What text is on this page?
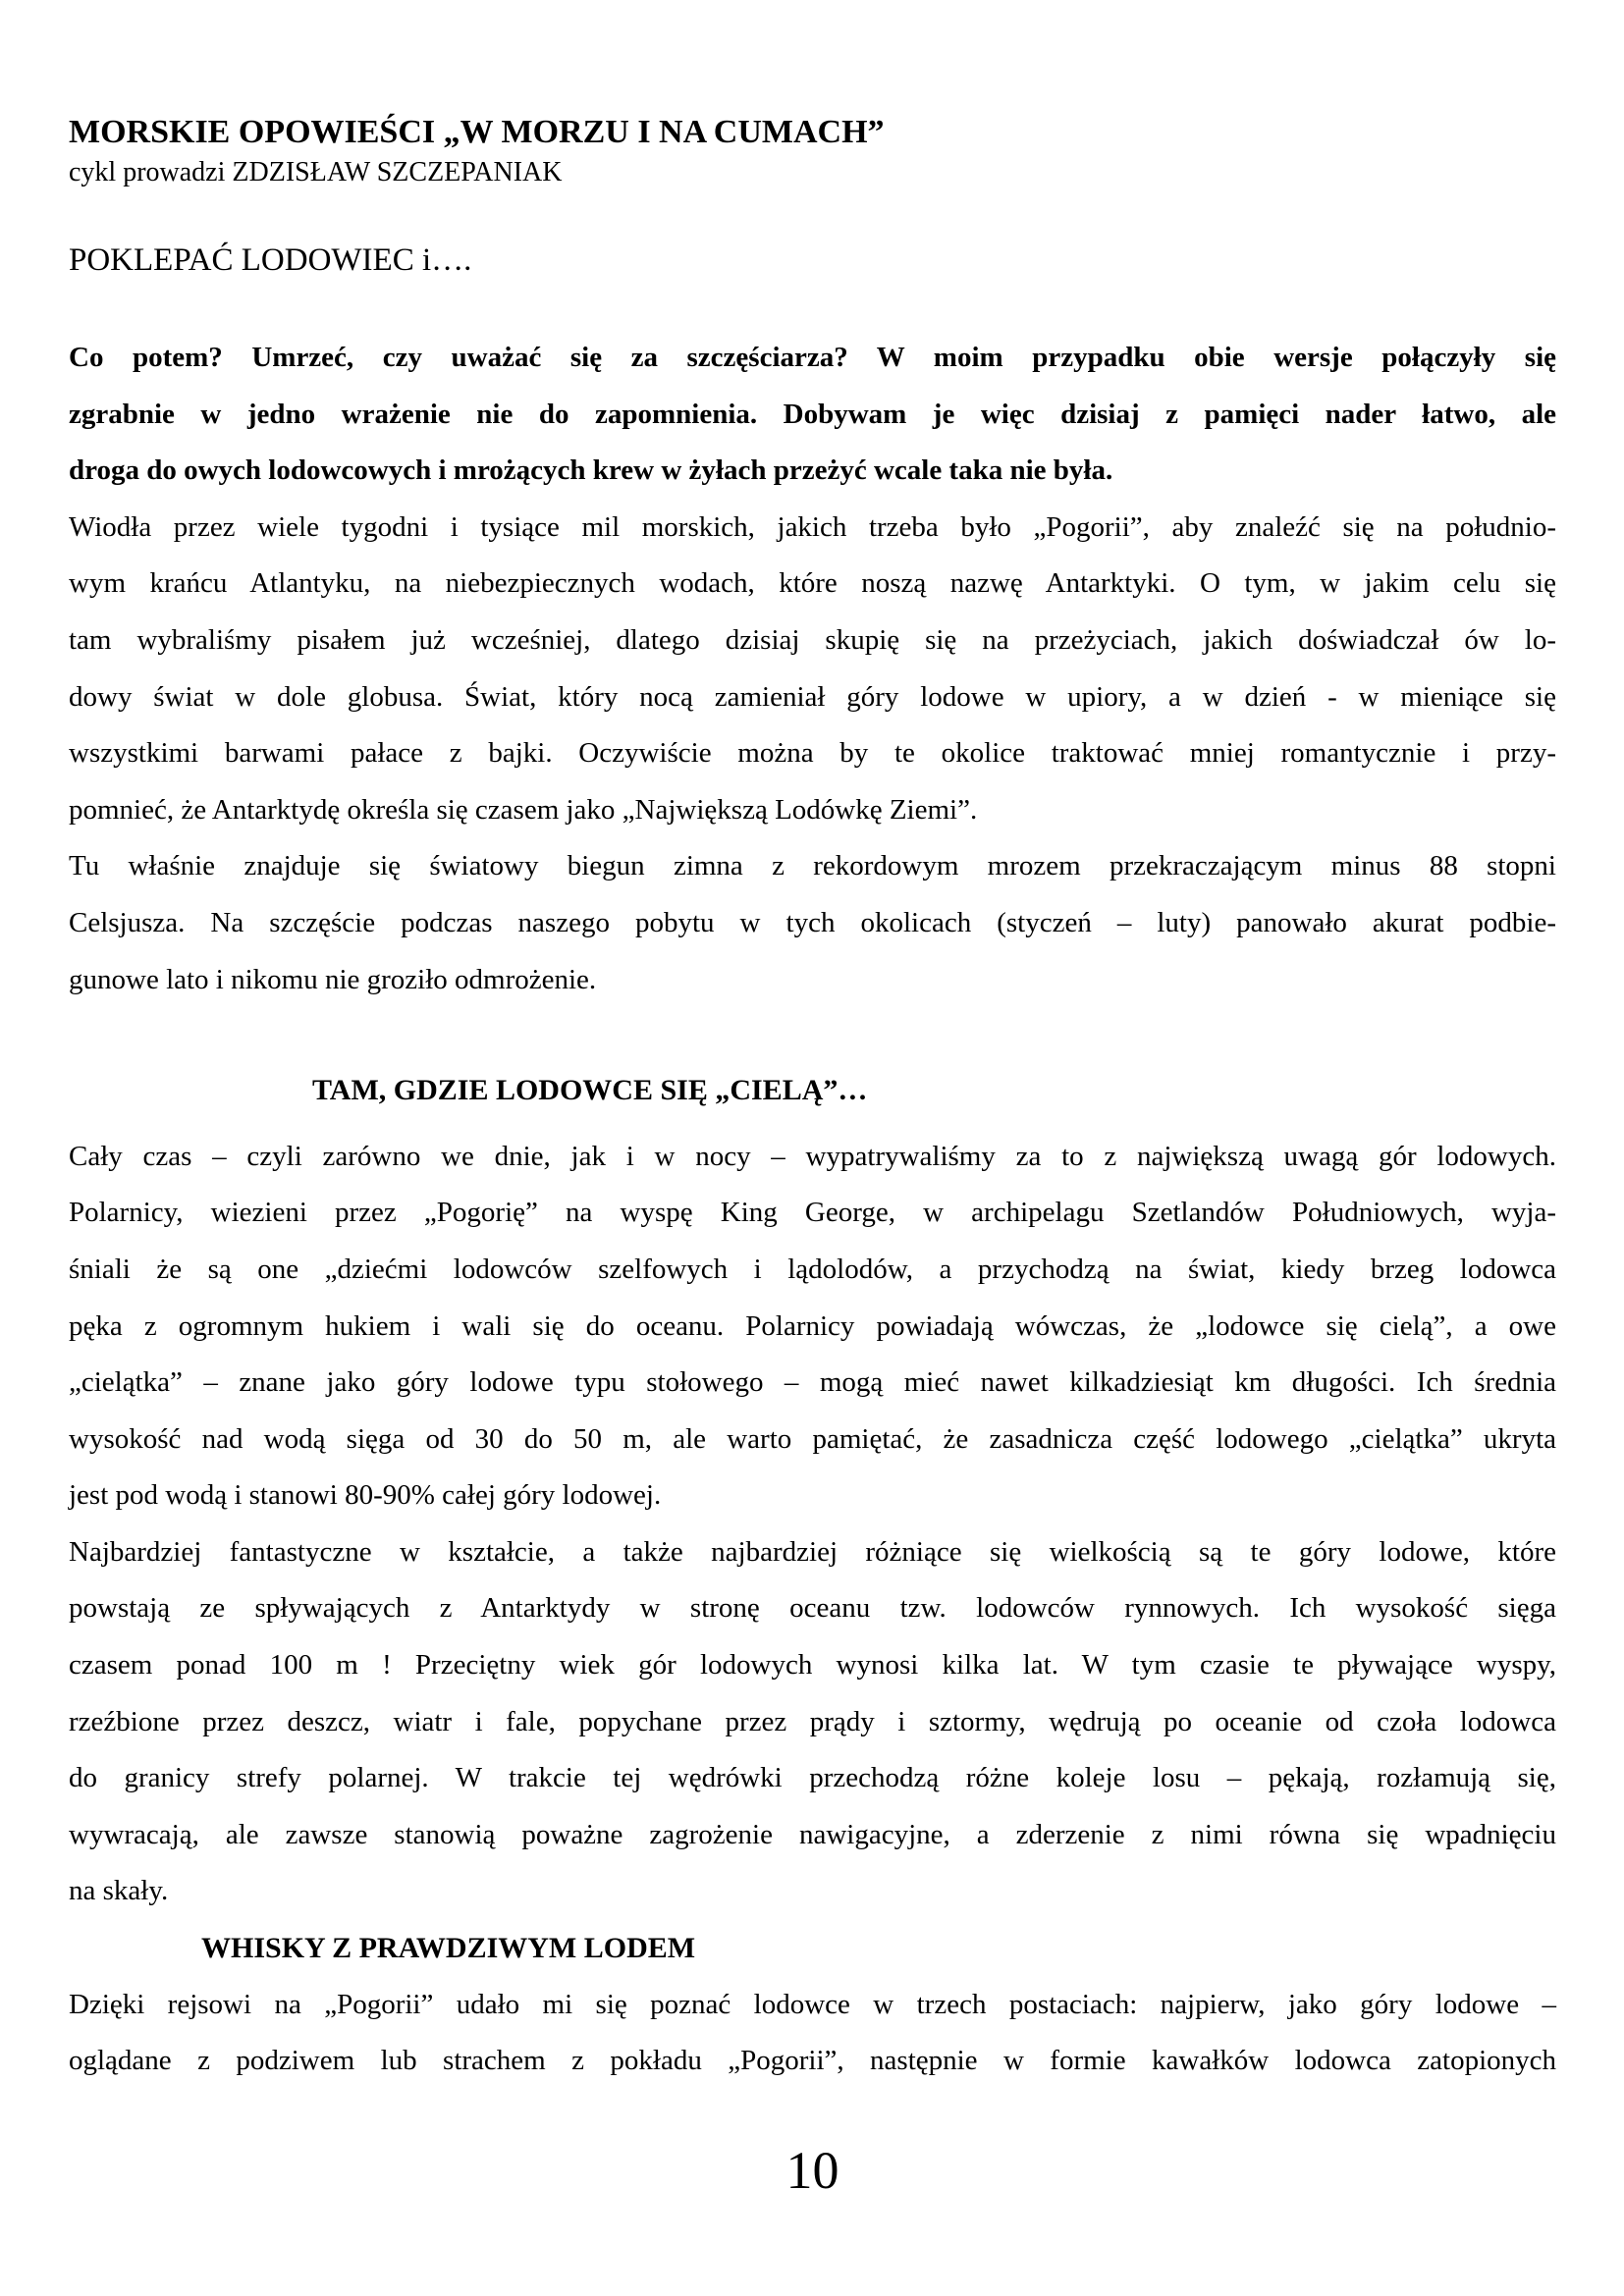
MORSKIE OPOWIEŚCI „W MORZU I NA CUMACH”
cykl prowadzi ZDZISŁAW SZCZEPANIAK
POKLEPAĆ LODOWIEC i….
Co potem? Umrzeć, czy uważać się za szczęściarza? W moim przypadku obie wersje połączyły się
zgrabnie w jedno wrażenie nie do zapomnienia. Dobywam je więc dzisiaj z pamięci nader łatwo, ale
droga do owych lodowcowych i mrożących krew w żyłach przeżyć wcale taka nie była.
Wiodła przez wiele tygodni i tysiące mil morskich, jakich trzeba było „Pogorii”, aby znaleźć się na południo-
wym krańcu Atlantyku, na niebezpiecznych wodach, które noszą nazwę Antarktyki. O tym, w jakim celu się
tam wybraliśmy pisałem już wcześniej, dlatego dzisiaj skupię się na przeżyciach, jakich doświadczał ów lo-
dowy świat w dole globusa. Świat, który nocą zamieniał góry lodowe w upiory, a w dzień - w mieniące się
wszystkimi barwami pałace z bajki. Oczywiście można by te okolice traktować mniej romantycznie i przy-
pomnieć, że Antarktydę określa się czasem jako „Największą Lodówkę Ziemi”.
Tu właśnie znajduje się światowy biegun zimna z rekordowym mrozem przekraczającym minus 88 stopni
Celsjusza. Na szczęście podczas naszego pobytu w tych okolicach (styczeń – luty) panowało akurat podbie-
gunowe lato i nikomu nie groziło odmrożenie.
TAM, GDZIE LODOWCE SIĘ „CIELĄ”…
Cały czas – czyli zarówno we dnie, jak i w nocy – wypatrywaliśmy za to z największą uwagą gór lodowych.
Polarnicy, wiezieni przez „Pogorię” na wyspę King George, w archipelagu Szetlandów Południowych, wyja-
śniali że są one „dziećmi lodowców szelfowych i lądolodów, a przychodzą na świat, kiedy brzeg lodowca
pęka z ogromnym hukiem i wali się do oceanu. Polarnicy powiadają wówczas, że „lodowce się cielą”, a owe
„cielątka” – znane jako góry lodowe typu stołowego – mogą mieć nawet kilkadziesiąt km długości. Ich średnia
wysokość nad wodą sięga od 30 do 50 m, ale warto pamiętać, że zasadnicza część lodowego „cielątka” ukryta
jest pod wodą i stanowi 80-90% całej góry lodowej.
Najbardziej fantastyczne w kształcie, a także najbardziej różniące się wielkością są te góry lodowe, które
powstają ze spływających z Antarktydy w stronę oceanu tzw. lodowców rynnowych. Ich wysokość sięga
czasem ponad 100 m ! Przeciętny wiek gór lodowych wynosi kilka lat. W tym czasie te pływające wyspy,
rzeźbione przez deszcz, wiatr i fale, popychane przez prądy i sztormy, wędrują po oceanie od czoła lodowca
do granicy strefy polarnej. W trakcie tej wędrówki przechodzą różne koleje losu – pękają, rozłamują się,
wywracają, ale zawsze stanowią poważne zagrożenie nawigacyjne, a zderzenie z nimi równa się wpadnięciu
na skały.
WHISKY Z PRAWDZIWYM LODEM
Dzięki rejsowi na „Pogorii” udało mi się poznać lodowce w trzech postaciach: najpierw, jako góry lodowe –
oglądane z podziwem lub strachem z pokładu „Pogorii”, następnie w formie kawałków lodowca zatopionych
10
